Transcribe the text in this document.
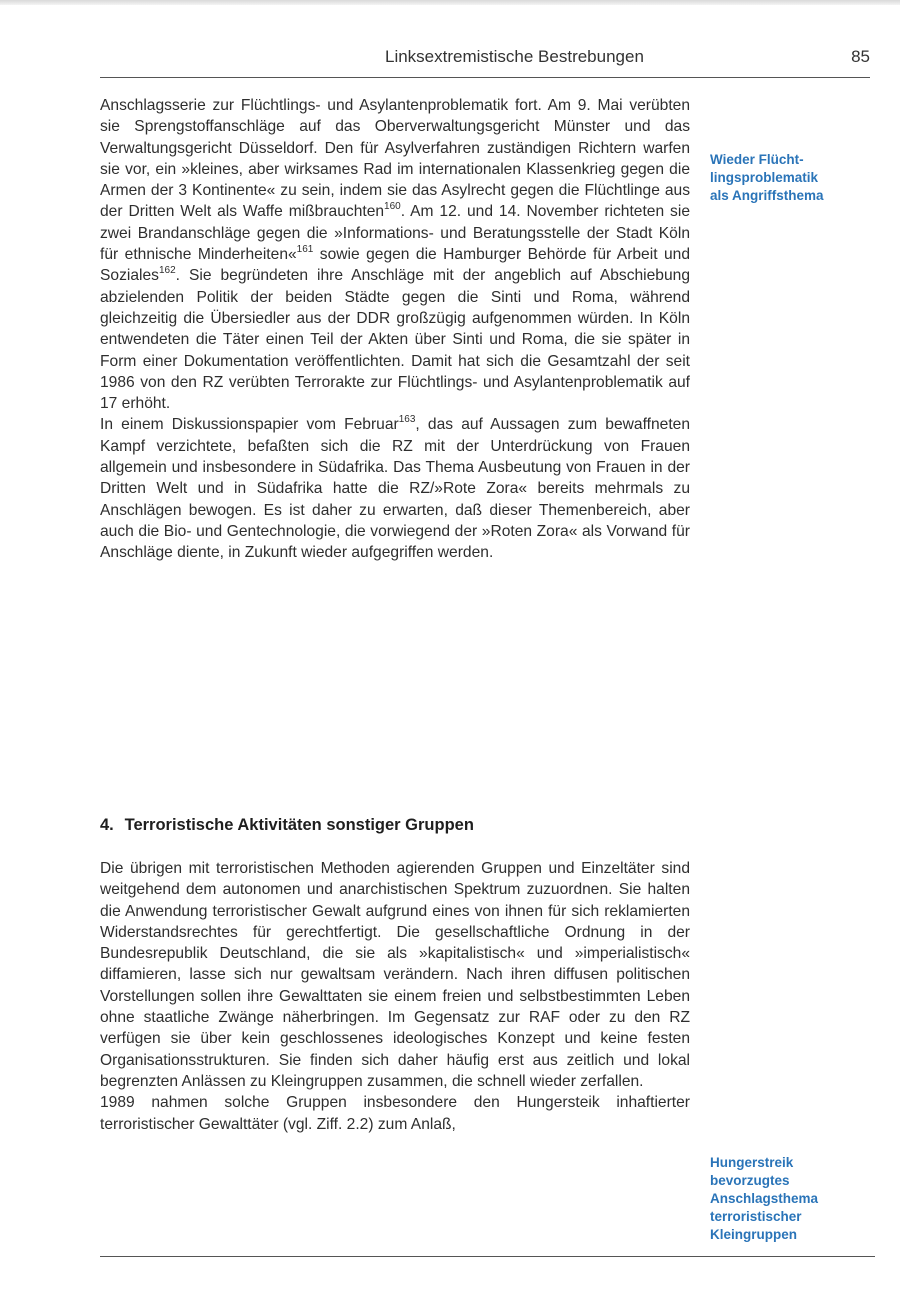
Linksextremistische Bestrebungen	85

Anschlagsserie zur Flüchtlings- und Asylantenproblematik fort. Am 9. Mai verübten sie Sprengstoffanschläge auf das Oberverwaltungsgericht Münster und das Verwaltungsgericht Düsseldorf. Den für Asylverfahren zuständigen Richtern warfen sie vor, ein »kleines, aber wirksames Rad im internationalen Klassenkrieg gegen die Armen der 3 Kontinente« zu sein, indem sie das Asylrecht gegen die Flüchtlinge aus der Dritten Welt als Waffe mißbrauchten$^{160}$. Am 12. und 14. November richteten sie zwei Brandanschläge gegen die »Informations- und Beratungsstelle der Stadt Köln für ethnische Minderheiten«$^{161}$ sowie gegen die Hamburger Behörde für Arbeit und Soziales$^{162}$. Sie begründeten ihre Anschläge mit der angeblich auf Abschiebung abzielenden Politik der beiden Städte gegen die Sinti und Roma, während gleichzeitig die Übersiedler aus der DDR großzügig aufgenommen würden. In Köln entwendeten die Täter einen Teil der Akten über Sinti und Roma, die sie später in Form einer Dokumentation veröffentlichten. Damit hat sich die Gesamtzahl der seit 1986 von den RZ verübten Terrorakte zur Flüchtlings- und Asylantenproblematik auf 17 erhöht.

In einem Diskussionspapier vom Februar$^{163}$, das auf Aussagen zum bewaffneten Kampf verzichtete, befaßten sich die RZ mit der Unterdrückung von Frauen allgemein und insbesondere in Südafrika. Das Thema Ausbeutung von Frauen in der Dritten Welt und in Südafrika hatte die RZ/»Rote Zora« bereits mehrmals zu Anschlägen bewogen. Es ist daher zu erwarten, daß dieser Themenbereich, aber auch die Bio- und Gentechnologie, die vorwiegend der »Roten Zora« als Vorwand für Anschläge diente, in Zukunft wieder aufgegriffen werden.

Wieder Flücht-
lingsproblematik
als Angriffsthema
4. Terroristische Aktivitäten sonstiger Gruppen

Die übrigen mit terroristischen Methoden agierenden Gruppen und Einzeltäter sind weitgehend dem autonomen und anarchistischen Spektrum zuzuordnen. Sie halten die Anwendung terroristischer Gewalt aufgrund eines von ihnen für sich reklamierten Widerstandsrechtes für gerechtfertigt. Die gesellschaftliche Ordnung in der Bundesrepublik Deutschland, die sie als »kapitalistisch« und »imperialistisch« diffamieren, lasse sich nur gewaltsam verändern. Nach ihren diffusen politischen Vorstellungen sollen ihre Gewalttaten sie einem freien und selbstbestimmten Leben ohne staatliche Zwänge näherbringen. Im Gegensatz zur RAF oder zu den RZ verfügen sie über kein geschlossenes ideologisches Konzept und keine festen Organisationsstrukturen. Sie finden sich daher häufig erst aus zeitlich und lokal begrenzten Anlässen zu Kleingruppen zusammen, die schnell wieder zerfallen.

1989 nahmen solche Gruppen insbesondere den Hungersteik inhaftierter terroristischer Gewalttäter (vgl. Ziff. 2.2) zum Anlaß,

Hungerstreik
bevorzugtes
Anschlagsthema
terroristischer
Kleingruppen
